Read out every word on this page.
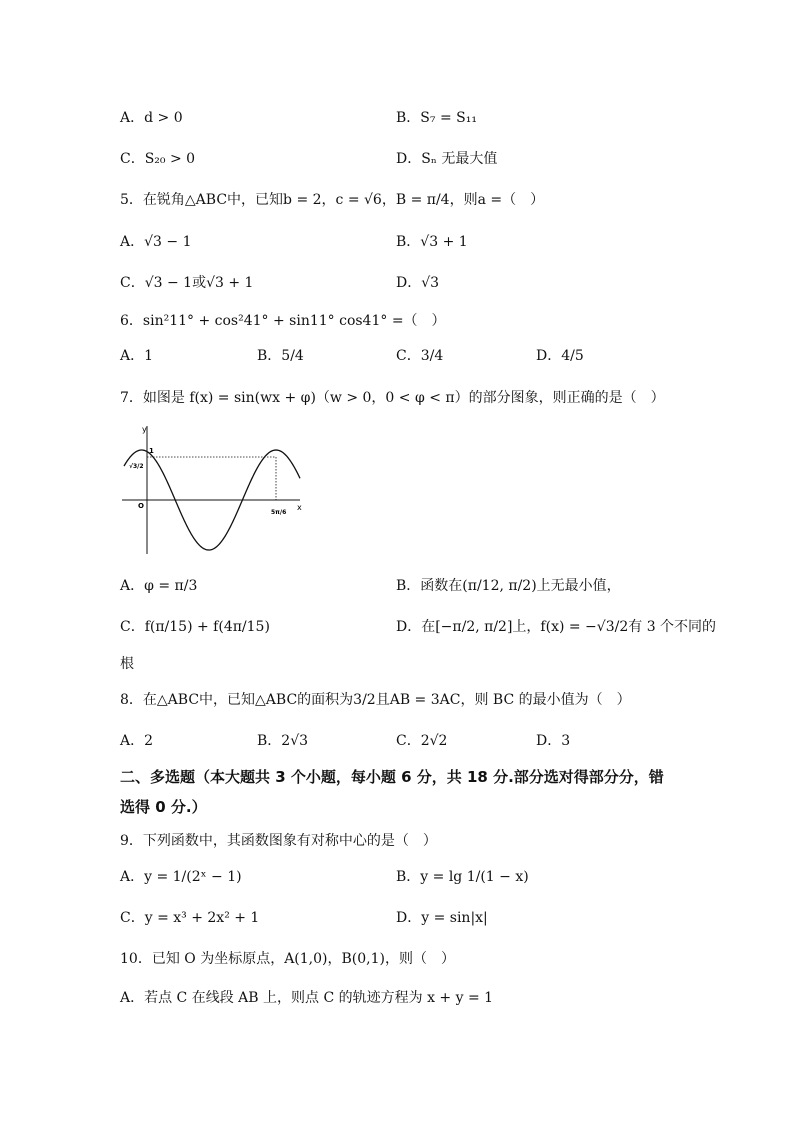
A．d > 0	B．S₇ = S₁₁
C．S₂₀ > 0	D．Sₙ 无最大值
5．在锐角△ABC中，已知b = 2，c = √6，B = π/4，则a =（　）
A．√3 − 1	B．√3 + 1
C．√3 − 1或√3 + 1	D．√3
6．sin²11° + cos²41° + sin11° cos41° =（　）
A．1	B．5/4	C．3/4	D．4/5
7．如图是 f(x) = sin(wx + φ)（w > 0，0 < φ < π）的部分图象，则正确的是（　）
y
x
O
1
√3/2
5π/6
A．φ = π/3	B．函数在(π/12, π/2)上无最小值，
C．f(π/15) + f(4π/15)	D．在[−π/2, π/2]上，f(x) = −√3/2有 3 个不同的
根
8．在△ABC中，已知△ABC的面积为3/2且AB = 3AC，则 BC 的最小值为（　）
A．2	B．2√3	C．2√2	D．3
二、多选题（本大题共 3 个小题，每小题 6 分，共 18 分.部分选对得部分分，错
选得 0 分.）
9．下列函数中，其函数图象有对称中心的是（　）
A．y = 1/(2ˣ − 1)	B．y = lg 1/(1 − x)
C．y = x³ + 2x² + 1	D．y = sin|x|
10．已知 O 为坐标原点，A(1,0)，B(0,1)，则（　）
A．若点 C 在线段 AB 上，则点 C 的轨迹方程为 x + y = 1
